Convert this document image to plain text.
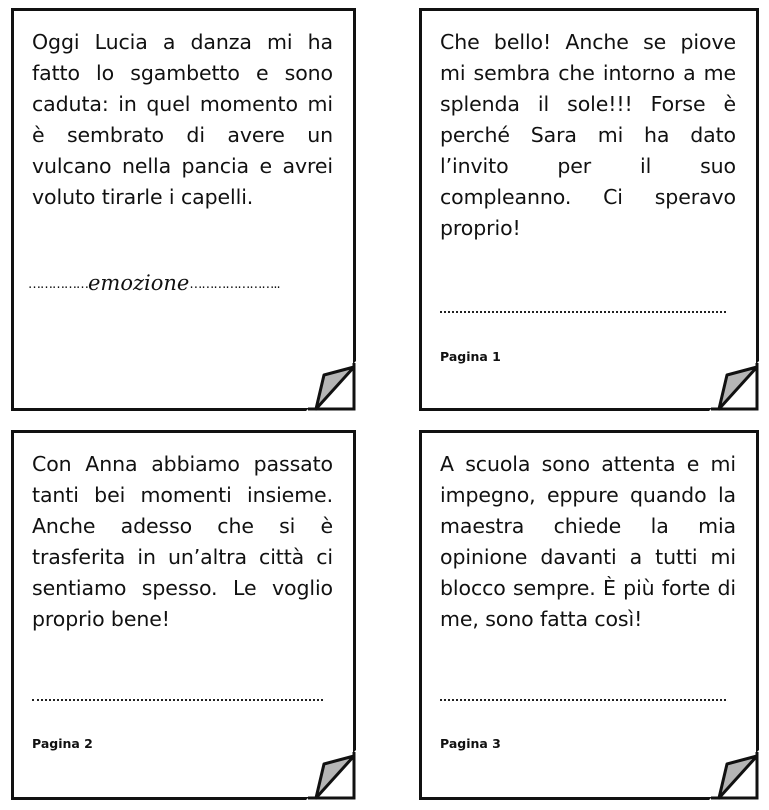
Oggi Lucia a danza mi ha fatto lo sgambetto e sono caduta: in quel momento mi è sembrato di avere un vulcano nella pancia e avrei voluto tirarle i capelli.
……………emozione…………………..
Che bello! Anche se piove mi sembra che intorno a me splenda il sole!!! Forse è perché Sara mi ha dato l’invito per il suo compleanno. Ci speravo proprio!
Pagina 1
Con Anna abbiamo passato tanti bei momenti insieme. Anche adesso che si è trasferita in un’altra città ci sentiamo spesso. Le voglio proprio bene!
Pagina 2
A scuola sono attenta e mi impegno, eppure quando la maestra chiede la mia opinione davanti a tutti mi blocco sempre. È più forte di me, sono fatta così!
Pagina 3
